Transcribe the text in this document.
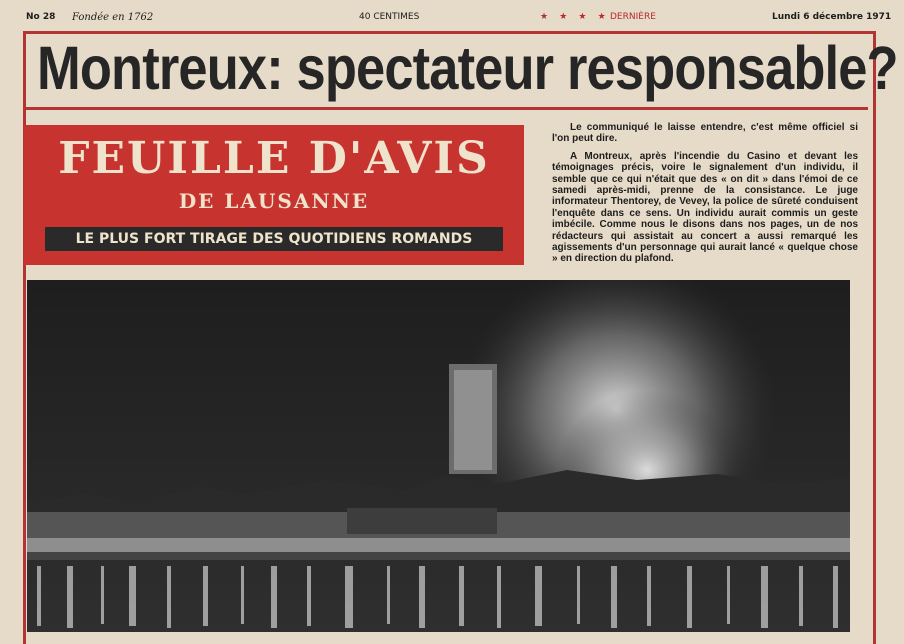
No 28 Fondée en 1762	40 CENTIMES	★ ★ ★ ★ DERNIÈRE	Lundi 6 décembre 1971
Montreux: spectateur responsable?
FEUILLE D'AVIS
DE LAUSANNE
LE PLUS FORT TIRAGE DES QUOTIDIENS ROMANDS

Le communiqué le laisse entendre, c'est même officiel si l'on peut dire.

A Montreux, après l'incendie du Casino et devant les témoignages précis, voire le signalement d'un individu, il semble que ce qui n'était que des « on dit » dans l'émoi de ce samedi après-midi, prenne de la consistance. Le juge informateur Thentorey, de Vevey, la police de sûreté conduisent l'enquête dans ce sens. Un individu aurait commis un geste imbécile. Comme nous le disons dans nos pages, un de nos rédacteurs qui assistait au concert a aussi remarqué les agissements d'un personnage qui aurait lancé « quelque chose » en direction du plafond.
